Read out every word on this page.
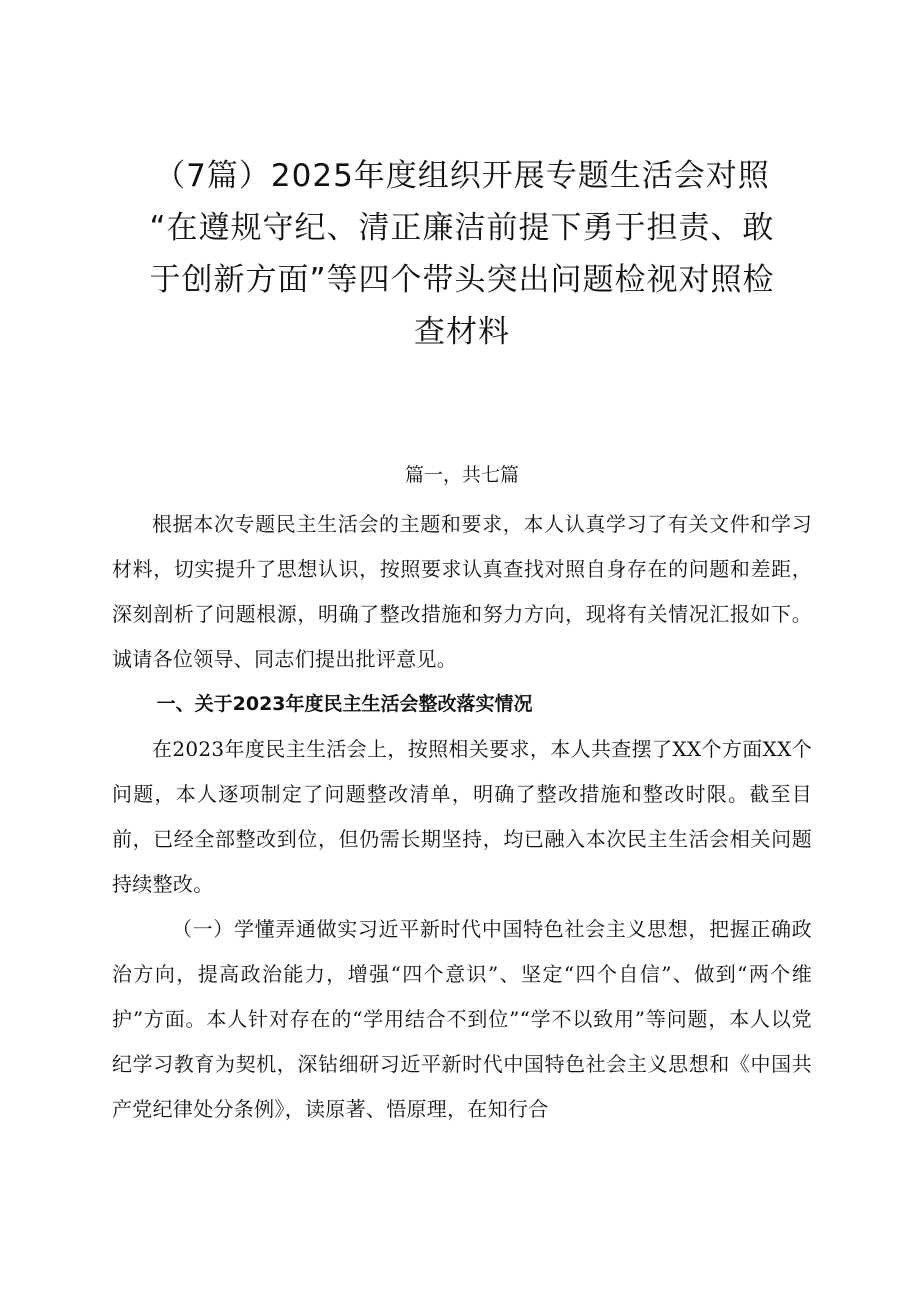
（7篇）2025年度组织开展专题生活会对照
“在遵规守纪、清正廉洁前提下勇于担责、敢
于创新方面”等四个带头突出问题检视对照检
查材料
篇一，共七篇

根据本次专题民主生活会的主题和要求，本人认真学习了有关文件和学习材料，切实提升了思想认识，按照要求认真查找对照自身存在的问题和差距，深刻剖析了问题根源，明确了整改措施和努力方向，现将有关情况汇报如下。诚请各位领导、同志们提出批评意见。

一、关于2023年度民主生活会整改落实情况

在2023年度民主生活会上，按照相关要求，本人共查摆了XX个方面XX个问题，本人逐项制定了问题整改清单，明确了整改措施和整改时限。截至目前，已经全部整改到位，但仍需长期坚持，均已融入本次民主生活会相关问题持续整改。

（一）学懂弄通做实习近平新时代中国特色社会主义思想，把握正确政治方向，提高政治能力，增强“四个意识”、坚定“四个自信”、做到“两个维护”方面。本人针对存在的“学用结合不到位”“学不以致用”等问题，本人以党纪学习教育为契机，深钻细研习近平新时代中国特色社会主义思想和《中国共产党纪律处分条例》，读原著、悟原理，在知行合
